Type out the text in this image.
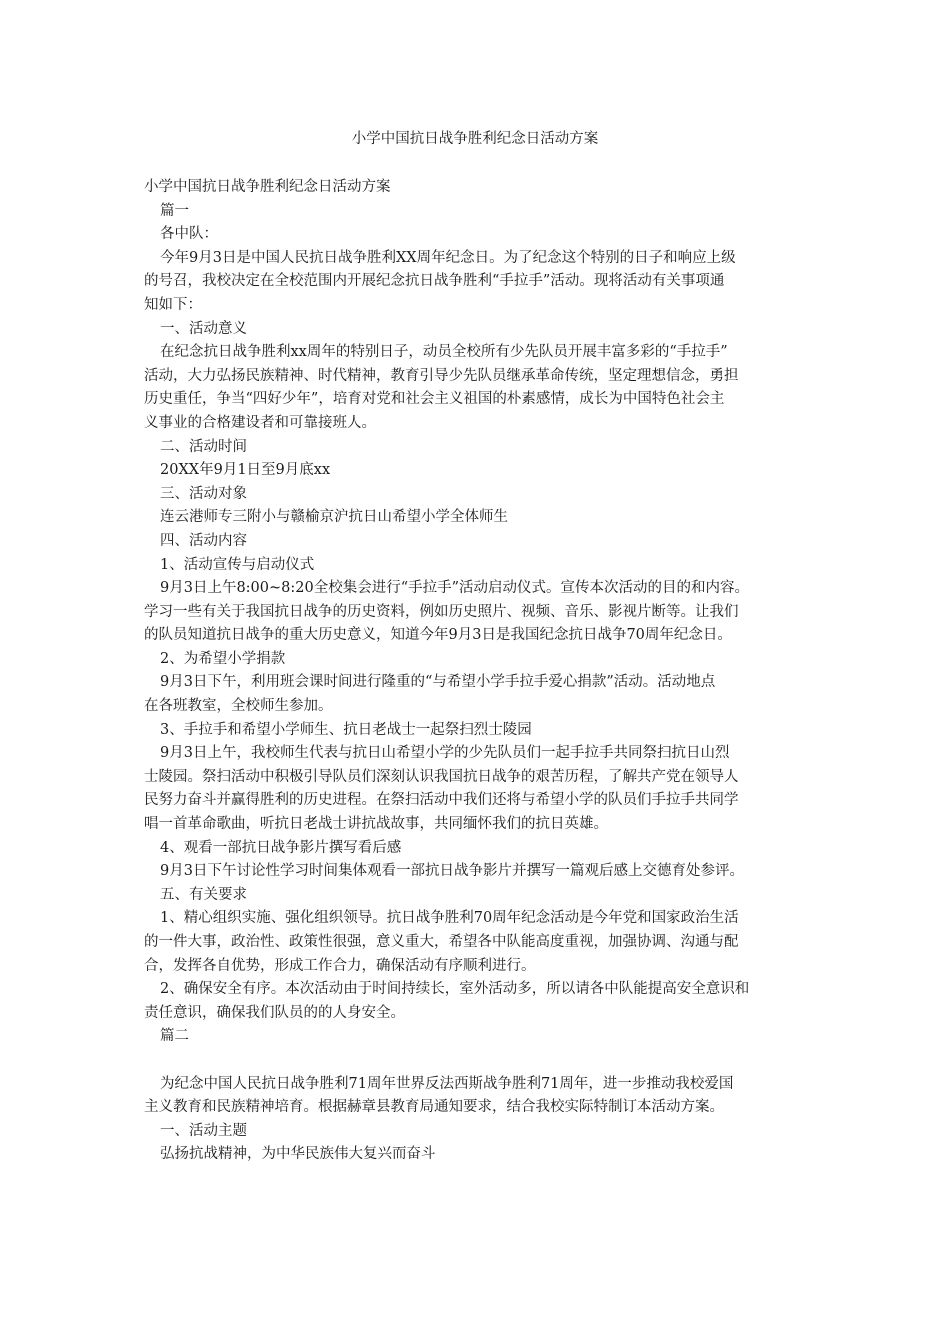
小学中国抗日战争胜利纪念日活动方案
小学中国抗日战争胜利纪念日活动方案
篇一
各中队：
今年9月3日是中国人民抗日战争胜利XX周年纪念日。为了纪念这个特别的日子和响应上级
的号召，我校决定在全校范围内开展纪念抗日战争胜利“手拉手”活动。现将活动有关事项通
知如下：
一、活动意义
在纪念抗日战争胜利xx周年的特别日子，动员全校所有少先队员开展丰富多彩的“手拉手”
活动，大力弘扬民族精神、时代精神，教育引导少先队员继承革命传统，坚定理想信念，勇担
历史重任，争当“四好少年”，培育对党和社会主义祖国的朴素感情，成长为中国特色社会主
义事业的合格建设者和可靠接班人。
二、活动时间
20XX年9月1日至9月底xx
三、活动对象
连云港师专三附小与赣榆京沪抗日山希望小学全体师生
四、活动内容
1、活动宣传与启动仪式
9月3日上午8:00~8:20全校集会进行“手拉手”活动启动仪式。宣传本次活动的目的和内容。
学习一些有关于我国抗日战争的历史资料，例如历史照片、视频、音乐、影视片断等。让我们
的队员知道抗日战争的重大历史意义，知道今年9月3日是我国纪念抗日战争70周年纪念日。
2、为希望小学捐款
9月3日下午，利用班会课时间进行隆重的“与希望小学手拉手爱心捐款”活动。活动地点
在各班教室，全校师生参加。
3、手拉手和希望小学师生、抗日老战士一起祭扫烈士陵园
9月3日上午，我校师生代表与抗日山希望小学的少先队员们一起手拉手共同祭扫抗日山烈
士陵园。祭扫活动中积极引导队员们深刻认识我国抗日战争的艰苦历程，了解共产党在领导人
民努力奋斗并赢得胜利的历史进程。在祭扫活动中我们还将与希望小学的队员们手拉手共同学
唱一首革命歌曲，听抗日老战士讲抗战故事，共同缅怀我们的抗日英雄。
4、观看一部抗日战争影片撰写看后感
9月3日下午讨论性学习时间集体观看一部抗日战争影片并撰写一篇观后感上交德育处参评。
五、有关要求
1、精心组织实施、强化组织领导。抗日战争胜利70周年纪念活动是今年党和国家政治生活
的一件大事，政治性、政策性很强，意义重大，希望各中队能高度重视，加强协调、沟通与配
合，发挥各自优势，形成工作合力，确保活动有序顺利进行。
2、确保安全有序。本次活动由于时间持续长，室外活动多，所以请各中队能提高安全意识和
责任意识，确保我们队员的的人身安全。
篇二
为纪念中国人民抗日战争胜利71周年世界反法西斯战争胜利71周年，进一步推动我校爱国
主义教育和民族精神培育。根据赫章县教育局通知要求，结合我校实际特制订本活动方案。
一、活动主题
弘扬抗战精神，为中华民族伟大复兴而奋斗
